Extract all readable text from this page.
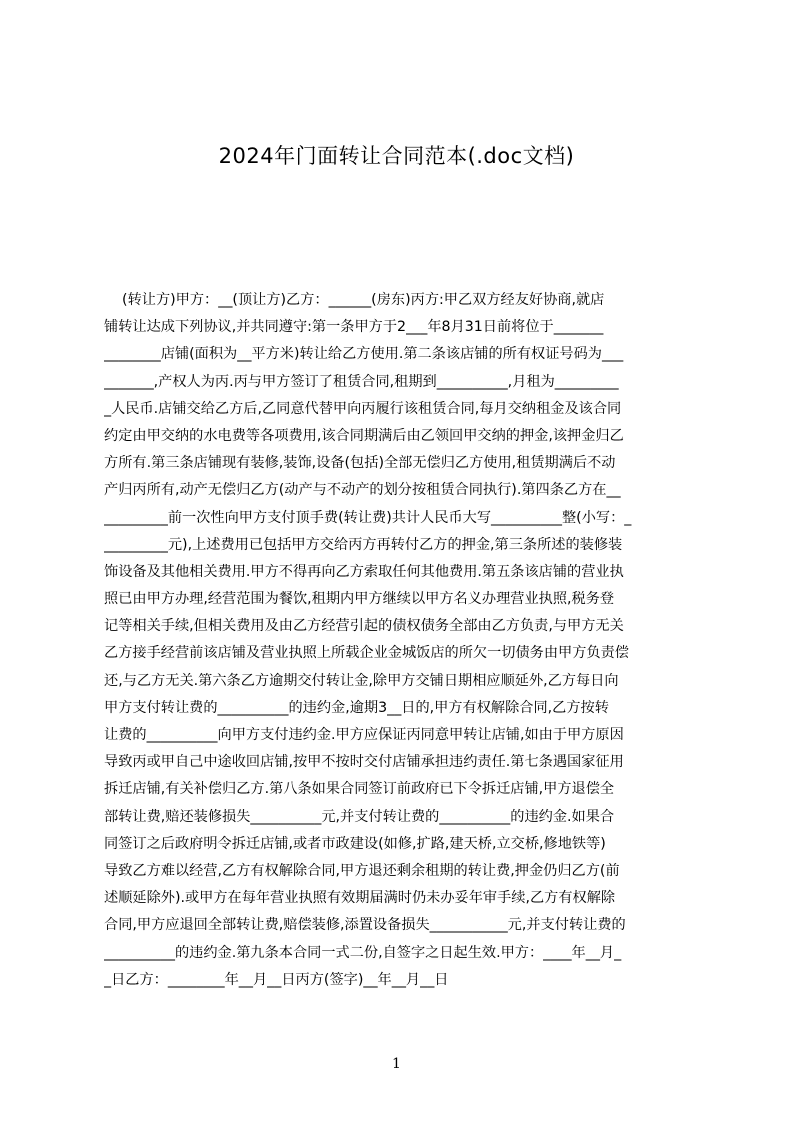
2024年门面转让合同范本(.doc文档)
(转让方)甲方：__(顶让方)乙方：______(房东)丙方:甲乙双方经友好协商,就店
铺转让达成下列协议,并共同遵守:第一条甲方于2___年8月31日前将位于_______
________店铺(面积为__平方米)转让给乙方使用.第二条该店铺的所有权证号码为___
_______,产权人为丙.丙与甲方签订了租赁合同,租期到__________,月租为_________
_人民币.店铺交给乙方后,乙同意代替甲向丙履行该租赁合同,每月交纳租金及该合同
约定由甲交纳的水电费等各项费用,该合同期满后由乙领回甲交纳的押金,该押金归乙
方所有.第三条店铺现有装修,装饰,设备(包括)全部无偿归乙方使用,租赁期满后不动
产归丙所有,动产无偿归乙方(动产与不动产的划分按租赁合同执行).第四条乙方在__
_________前一次性向甲方支付顶手费(转让费)共计人民币大写__________整(小写：_
_________元),上述费用已包括甲方交给丙方再转付乙方的押金,第三条所述的装修装
饰设备及其他相关费用.甲方不得再向乙方索取任何其他费用.第五条该店铺的营业执
照已由甲方办理,经营范围为餐饮,租期内甲方继续以甲方名义办理营业执照,税务登
记等相关手续,但相关费用及由乙方经营引起的债权债务全部由乙方负责,与甲方无关
乙方接手经营前该店铺及营业执照上所载企业金城饭店的所欠一切债务由甲方负责偿
还,与乙方无关.第六条乙方逾期交付转让金,除甲方交铺日期相应顺延外,乙方每日向
甲方支付转让费的__________的违约金,逾期3__日的,甲方有权解除合同,乙方按转
让费的__________向甲方支付违约金.甲方应保证丙同意甲转让店铺,如由于甲方原因
导致丙或甲自己中途收回店铺,按甲不按时交付店铺承担违约责任.第七条遇国家征用
拆迁店铺,有关补偿归乙方.第八条如果合同签订前政府已下令拆迁店铺,甲方退偿全
部转让费,赔还装修损失__________元,并支付转让费的__________的违约金.如果合
同签订之后政府明令拆迁店铺,或者市政建设(如修,扩路,建天桥,立交桥,修地铁等)
导致乙方难以经营,乙方有权解除合同,甲方退还剩余租期的转让费,押金仍归乙方(前
述顺延除外).或甲方在每年营业执照有效期届满时仍未办妥年审手续,乙方有权解除
合同,甲方应退回全部转让费,赔偿装修,添置设备损失___________元,并支付转让费的
__________的违约金.第九条本合同一式二份,自签字之日起生效.甲方：____年__月_
_日乙方：________年__月__日丙方(签字)__年__月__日
1
